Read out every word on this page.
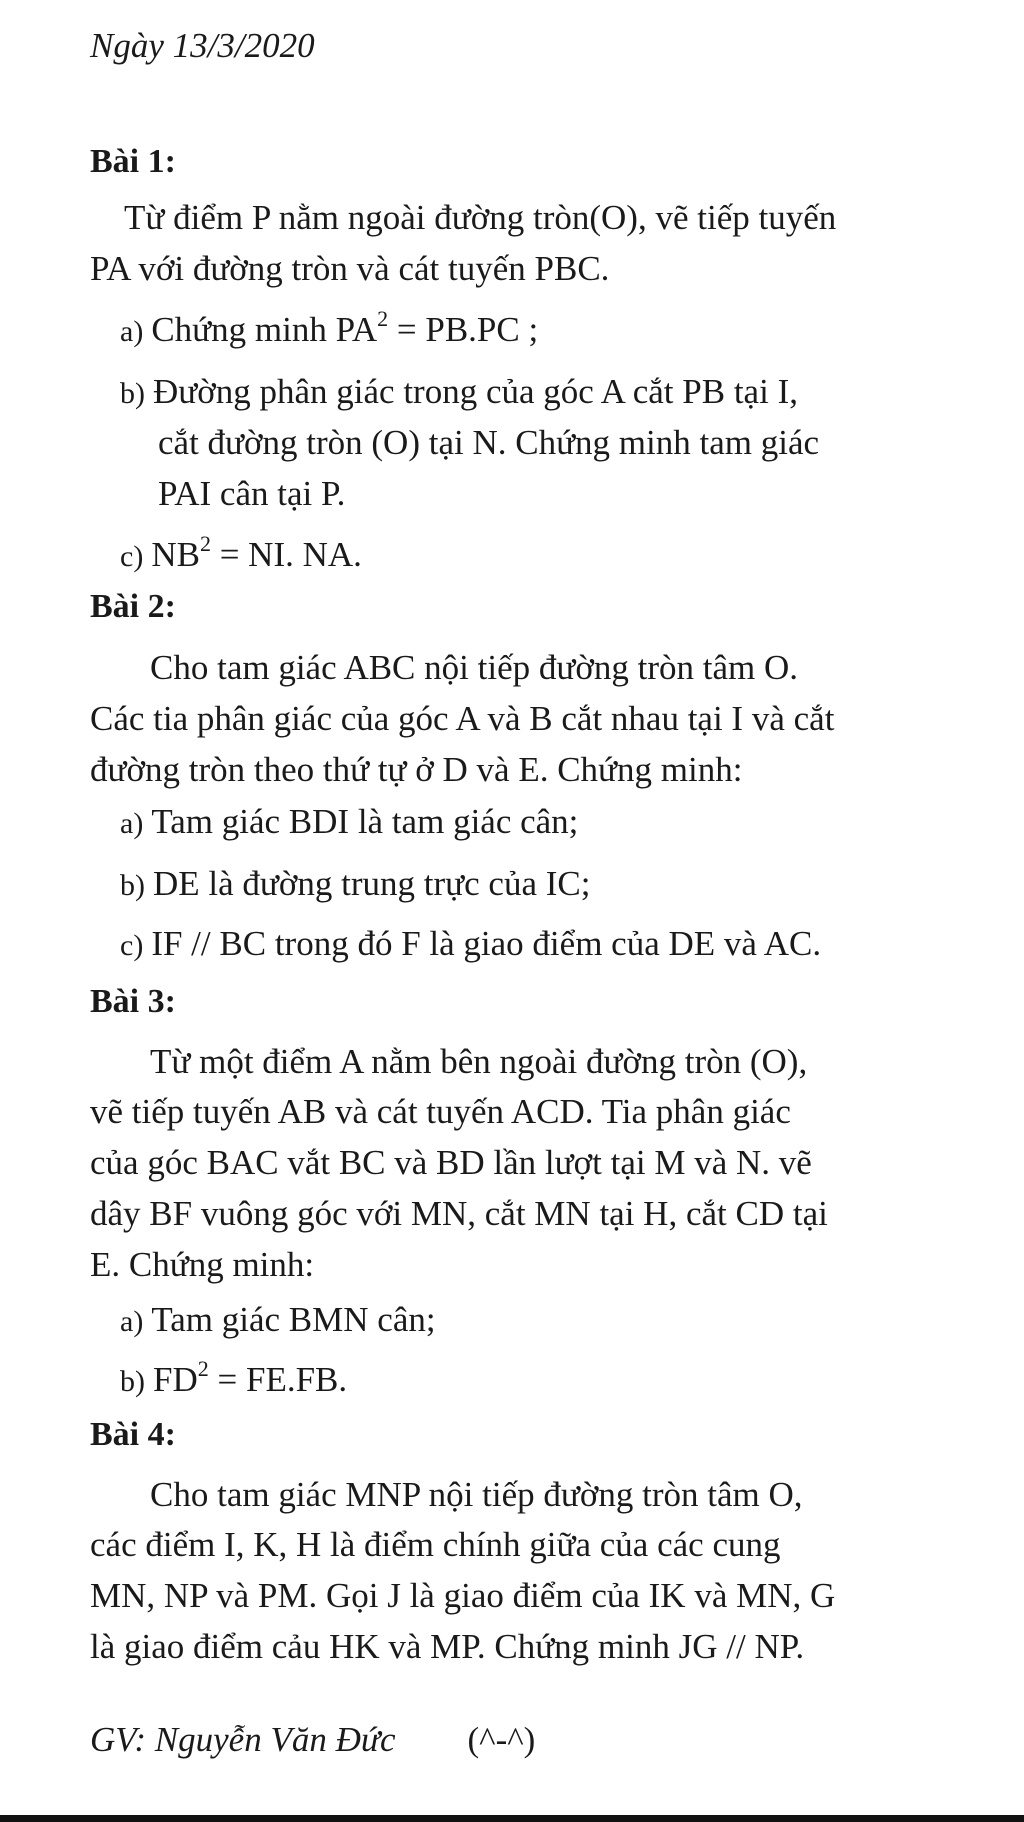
Ngày 13/3/2020
Bài 1:
Từ điểm P nằm ngoài đường tròn(O), vẽ tiếp tuyến
PA với đường tròn và cát tuyến PBC.
a) Chứng minh $PA^2 = PB.PC$ ;
b) Đường phân giác trong của góc A cắt PB tại I,
cắt đường tròn (O) tại N. Chứng minh tam giác
PAI cân tại P.
c) $NB^2$ = NI. NA.
Bài 2:
Cho tam giác ABC nội tiếp đường tròn tâm O.
Các tia phân giác của góc A và B cắt nhau tại I và cắt
đường tròn theo thứ tự ở D và E. Chứng minh:
a) Tam giác BDI là tam giác cân;
b) DE là đường trung trực của IC;
c) IF // BC trong đó F là giao điểm của DE và AC.
Bài 3:
Từ một điểm A nằm bên ngoài đường tròn (O),
vẽ tiếp tuyến AB và cát tuyến ACD. Tia phân giác
của góc BAC vắt BC và BD lần lượt tại M và N. vẽ
dây BF vuông góc với MN, cắt MN tại H, cắt CD tại
E. Chứng minh:
a) Tam giác BMN cân;
b) $FD^2 = FE.FB$.
Bài 4:
Cho tam giác MNP nội tiếp đường tròn tâm O,
các điểm I, K, H là điểm chính giữa của các cung
MN, NP và PM. Gọi J là giao điểm của IK và MN, G
là giao điểm cảu HK và MP. Chứng minh JG // NP.
GV: Nguyễn Văn Đức (^-^)
